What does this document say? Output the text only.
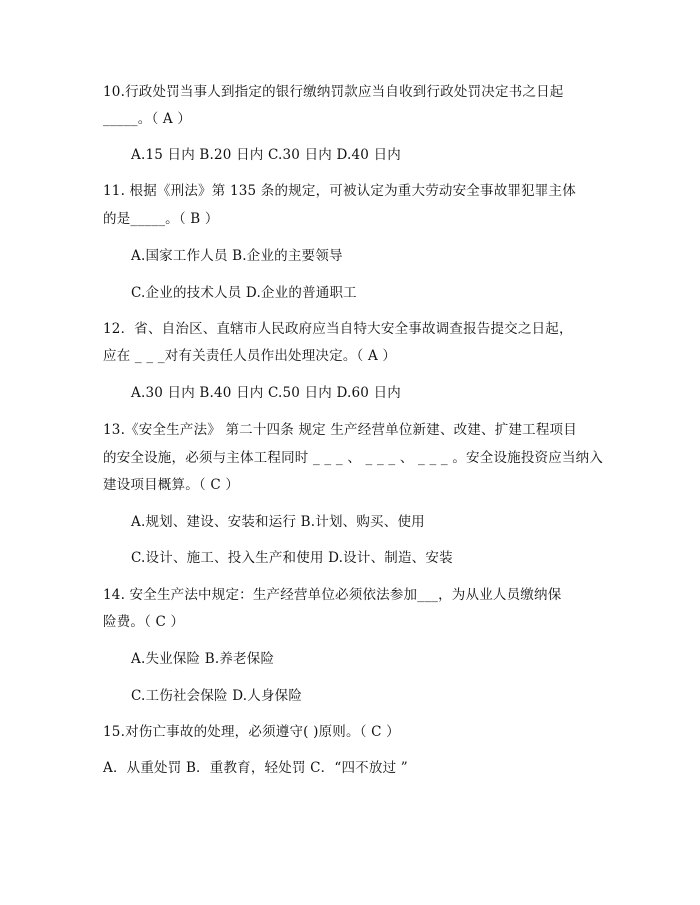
10.行政处罚当事人到指定的银行缴纳罚款应当自收到行政处罚决定书之日起
_____。（ A ）
A.15 日内 B.20 日内 C.30 日内 D.40 日内
11. 根据《刑法》第 135 条的规定，可被认定为重大劳动安全事故罪犯罪主体
的是_____。（ B ）
A.国家工作人员 B.企业的主要领导
C.企业的技术人员 D.企业的普通职工
12．省、自治区、直辖市人民政府应当自特大安全事故调查报告提交之日起，
应在 _ _ _对有关责任人员作出处理决定。（ A ）
A.30 日内 B.40 日内 C.50 日内 D.60 日内
13.《安全生产法》 第二十四条 规定 生产经营单位新建、改建、扩建工程项目
的安全设施，必须与主体工程同时 _ _ _ 、 _ _ _ 、 _ _ _ 。安全设施投资应当纳入
建设项目概算。（ C ）
A.规划、建设、安装和运行 B.计划、购买、使用
C.设计、施工、投入生产和使用 D.设计、制造、安装
14. 安全生产法中规定：生产经营单位必须依法参加___，为从业人员缴纳保
险费。（ C ）
A.失业保险 B.养老保险
C.工伤社会保险 D.人身保险
15.对伤亡事故的处理，必须遵守( )原则。（ C ）
A．从重处罚 B．重教育，轻处罚 C．“四不放过 ”
